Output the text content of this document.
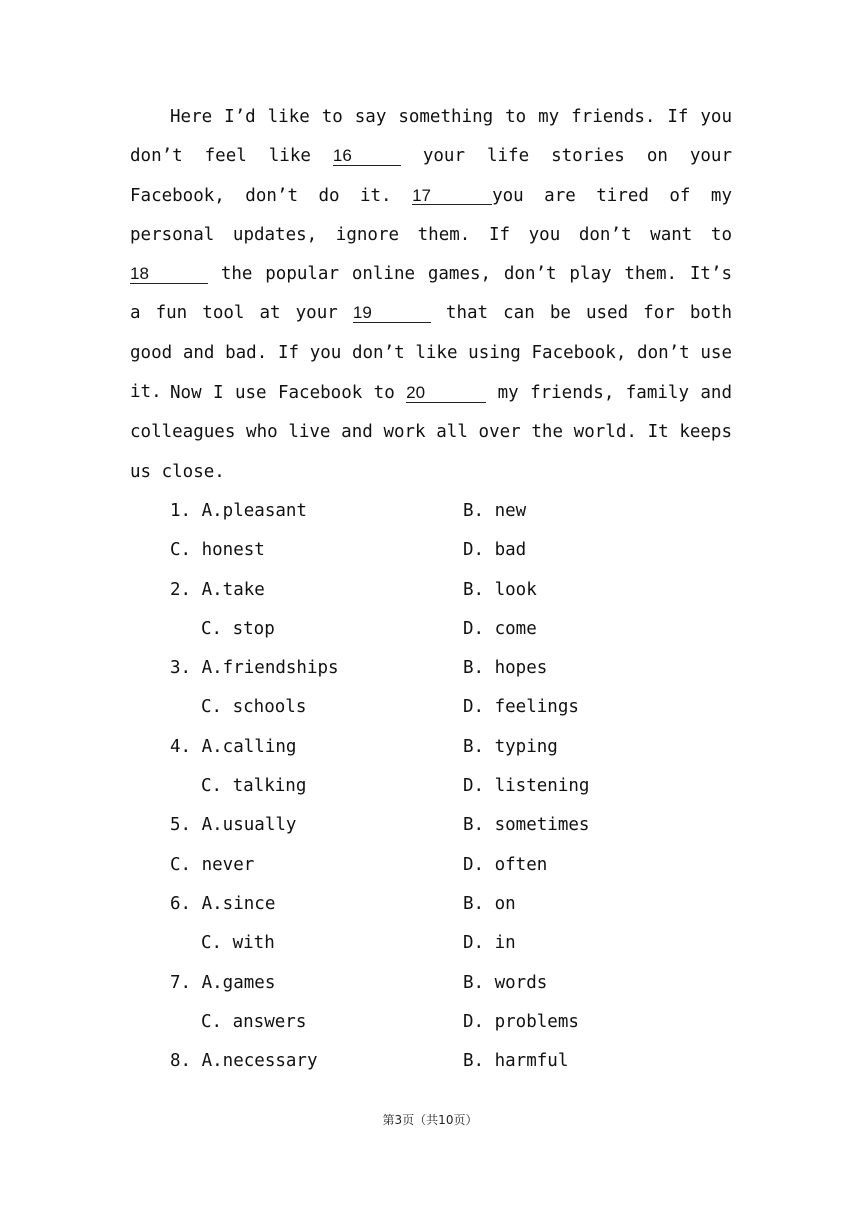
Here I’d like to say something to my friends. If you don’t feel like 16	your life stories on your Facebook, don’t do it. 17	you are tired of my personal updates, ignore them. If you don’t want to 18	the popular online games, don’t play them. It’s a fun tool at your 19	that can be used for both good and bad. If you don’t like using Facebook, don’t use it. Now I use Facebook to 20	my friends, family and colleagues who live and work all over the world. It keeps us close.

1. A.pleasant	B. new
C. honest	D. bad
2. A.take	B. look
C. stop	D. come
3. A.friendships	B. hopes
C. schools	D. feelings
4. A.calling	B. typing
C. talking	D. listening
5. A.usually	B. sometimes
C. never	D. often
6. A.since	B. on
C. with	D. in
7. A.games	B. words
C. answers	D. problems
8. A.necessary	B. harmful
第3页（共10页）
